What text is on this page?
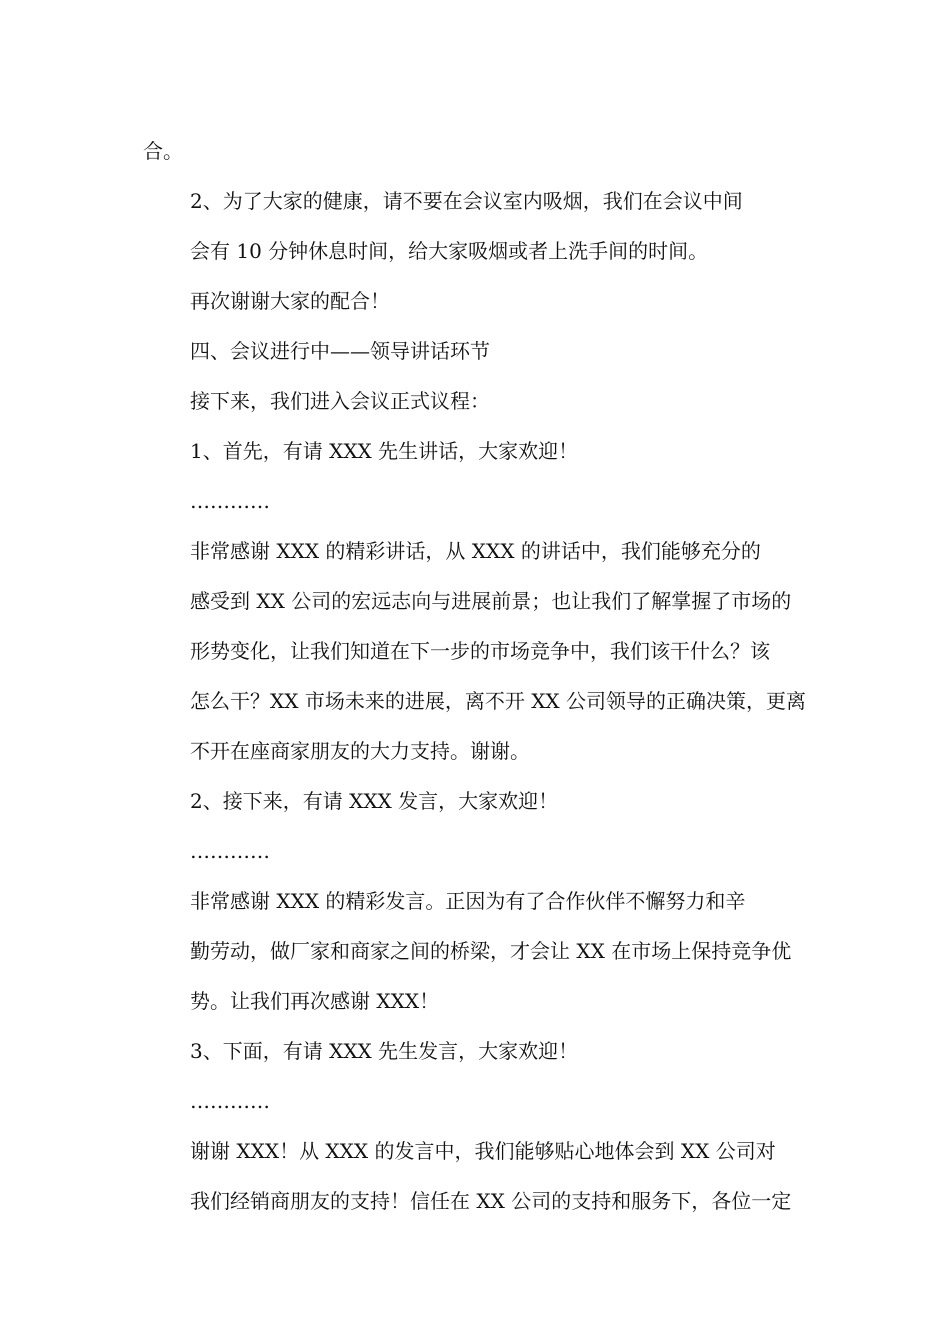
合。

2、为了大家的健康，请不要在会议室内吸烟，我们在会议中间
会有 10 分钟休息时间，给大家吸烟或者上洗手间的时间。

再次谢谢大家的配合！

四、会议进行中——领导讲话环节

接下来，我们进入会议正式议程：

1、首先，有请 XXX 先生讲话，大家欢迎！

…………

非常感谢 XXX 的精彩讲话，从 XXX 的讲话中，我们能够充分的
感受到 XX 公司的宏远志向与进展前景；也让我们了解掌握了市场的
形势变化，让我们知道在下一步的市场竞争中，我们该干什么？该
怎么干？XX 市场未来的进展，离不开 XX 公司领导的正确决策，更离
不开在座商家朋友的大力支持。谢谢。

2、接下来，有请 XXX 发言，大家欢迎！

…………

非常感谢 XXX 的精彩发言。正因为有了合作伙伴不懈努力和辛
勤劳动，做厂家和商家之间的桥梁，才会让 XX 在市场上保持竞争优
势。让我们再次感谢 XXX！

3、下面，有请 XXX 先生发言，大家欢迎！

…………

谢谢 XXX！从 XXX 的发言中，我们能够贴心地体会到 XX 公司对
我们经销商朋友的支持！信任在 XX 公司的支持和服务下，各位一定
